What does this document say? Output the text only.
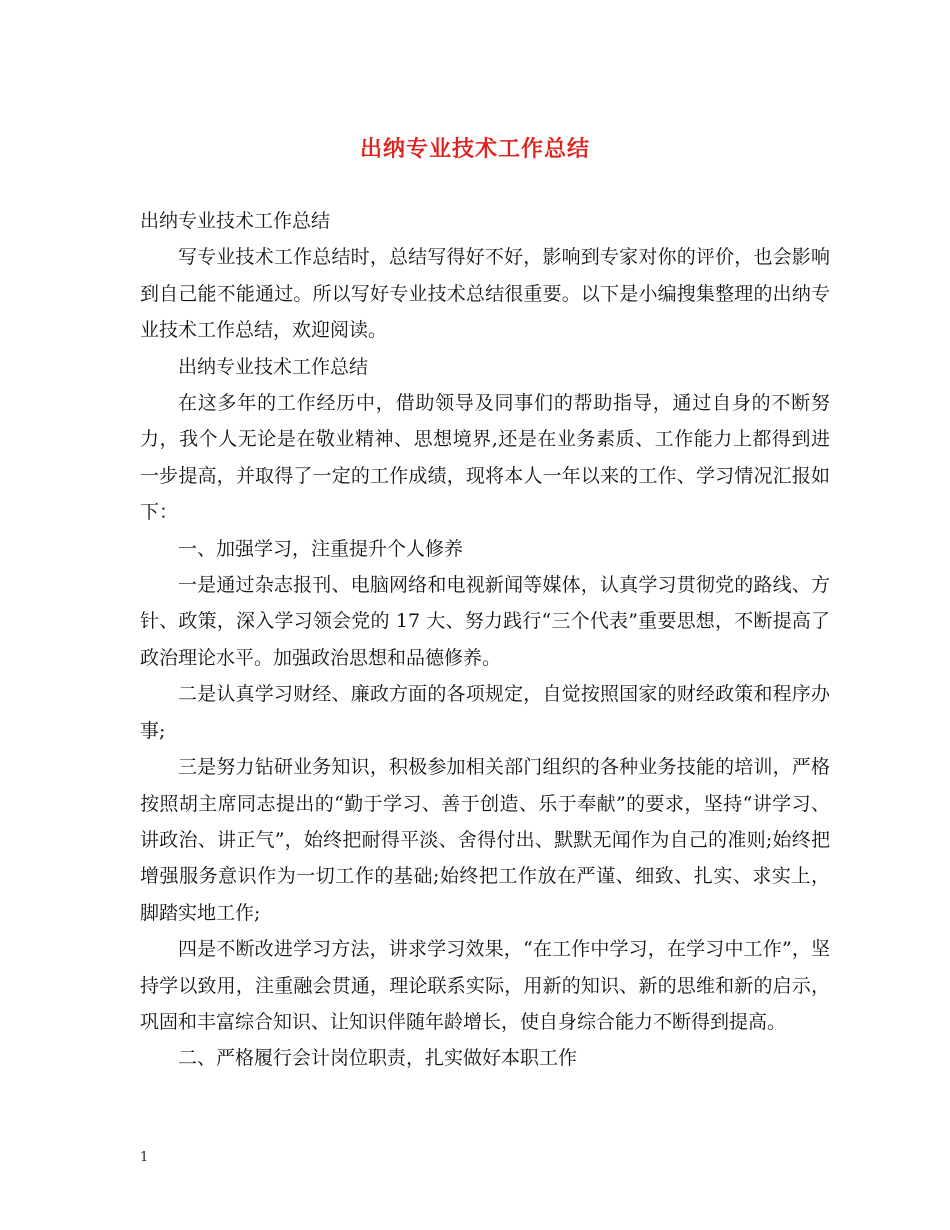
出纳专业技术工作总结

出纳专业技术工作总结

写专业技术工作总结时，总结写得好不好，影响到专家对你的评价，也会影响到自己能不能通过。所以写好专业技术总结很重要。以下是小编搜集整理的出纳专业技术工作总结，欢迎阅读。

出纳专业技术工作总结

在这多年的工作经历中，借助领导及同事们的帮助指导，通过自身的不断努力，我个人无论是在敬业精神、思想境界,还是在业务素质、工作能力上都得到进一步提高，并取得了一定的工作成绩，现将本人一年以来的工作、学习情况汇报如下：

一、加强学习，注重提升个人修养

一是通过杂志报刊、电脑网络和电视新闻等媒体，认真学习贯彻党的路线、方针、政策，深入学习领会党的 17 大、努力践行“三个代表”重要思想，不断提高了政治理论水平。加强政治思想和品德修养。

二是认真学习财经、廉政方面的各项规定，自觉按照国家的财经政策和程序办事;

三是努力钻研业务知识，积极参加相关部门组织的各种业务技能的培训，严格按照胡主席同志提出的“勤于学习、善于创造、乐于奉献”的要求，坚持“讲学习、讲政治、讲正气”，始终把耐得平淡、舍得付出、默默无闻作为自己的准则;始终把增强服务意识作为一切工作的基础;始终把工作放在严谨、细致、扎实、求实上，脚踏实地工作;

四是不断改进学习方法，讲求学习效果，“在工作中学习，在学习中工作”，坚持学以致用，注重融会贯通，理论联系实际，用新的知识、新的思维和新的启示，巩固和丰富综合知识、让知识伴随年龄增长，使自身综合能力不断得到提高。

二、严格履行会计岗位职责，扎实做好本职工作

1
